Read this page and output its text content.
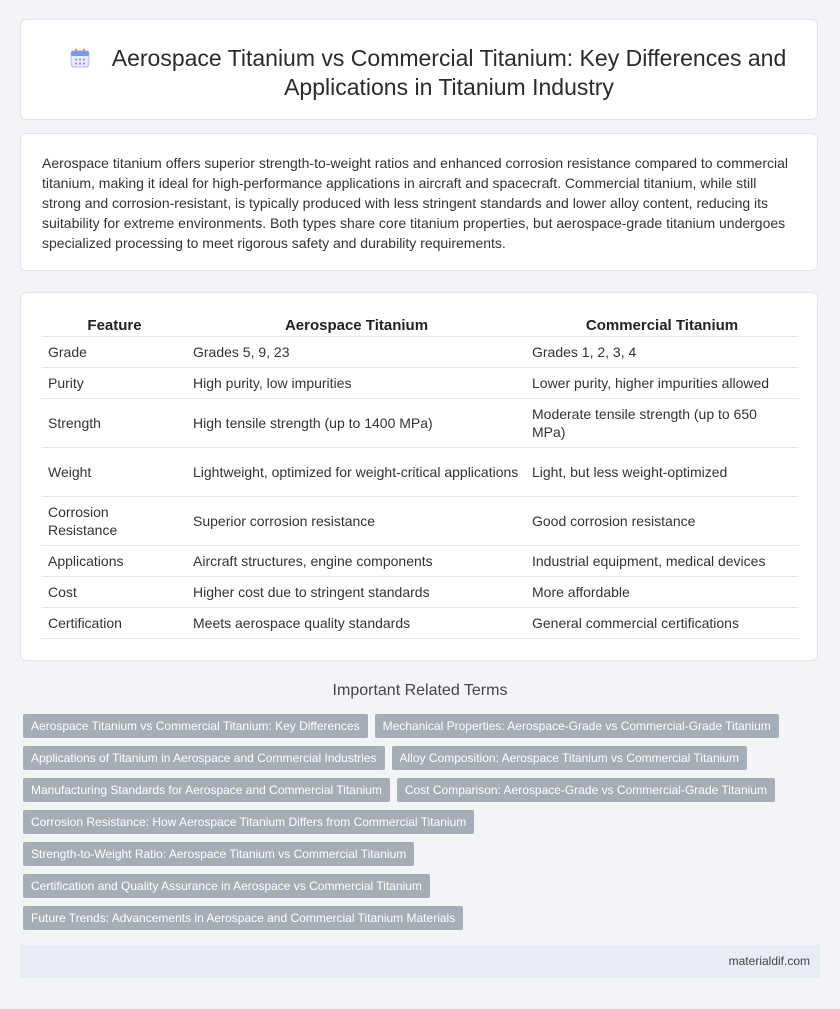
Aerospace Titanium vs Commercial Titanium: Key Differences and Applications in Titanium Industry

Aerospace titanium offers superior strength-to-weight ratios and enhanced corrosion resistance compared to commercial titanium, making it ideal for high-performance applications in aircraft and spacecraft. Commercial titanium, while still strong and corrosion-resistant, is typically produced with less stringent standards and lower alloy content, reducing its suitability for extreme environments. Both types share core titanium properties, but aerospace-grade titanium undergoes specialized processing to meet rigorous safety and durability requirements.

Feature	Aerospace Titanium	Commercial Titanium
Grade	Grades 5, 9, 23	Grades 1, 2, 3, 4
Purity	High purity, low impurities	Lower purity, higher impurities allowed
Strength	High tensile strength (up to 1400 MPa)	Moderate tensile strength (up to 650 MPa)
Weight	Lightweight, optimized for weight-critical applications	Light, but less weight-optimized
Corrosion Resistance	Superior corrosion resistance	Good corrosion resistance
Applications	Aircraft structures, engine components	Industrial equipment, medical devices
Cost	Higher cost due to stringent standards	More affordable
Certification	Meets aerospace quality standards	General commercial certifications
Important Related Terms
Aerospace Titanium vs Commercial Titanium: Key Differences	Mechanical Properties: Aerospace-Grade vs Commercial-Grade Titanium
Applications of Titanium in Aerospace and Commercial Industries	Alloy Composition: Aerospace Titanium vs Commercial Titanium
Manufacturing Standards for Aerospace and Commercial Titanium	Cost Comparison: Aerospace-Grade vs Commercial-Grade Titanium
Corrosion Resistance: How Aerospace Titanium Differs from Commercial Titanium
Strength-to-Weight Ratio: Aerospace Titanium vs Commercial Titanium
Certification and Quality Assurance in Aerospace vs Commercial Titanium
Future Trends: Advancements in Aerospace and Commercial Titanium Materials
materialdif.com
